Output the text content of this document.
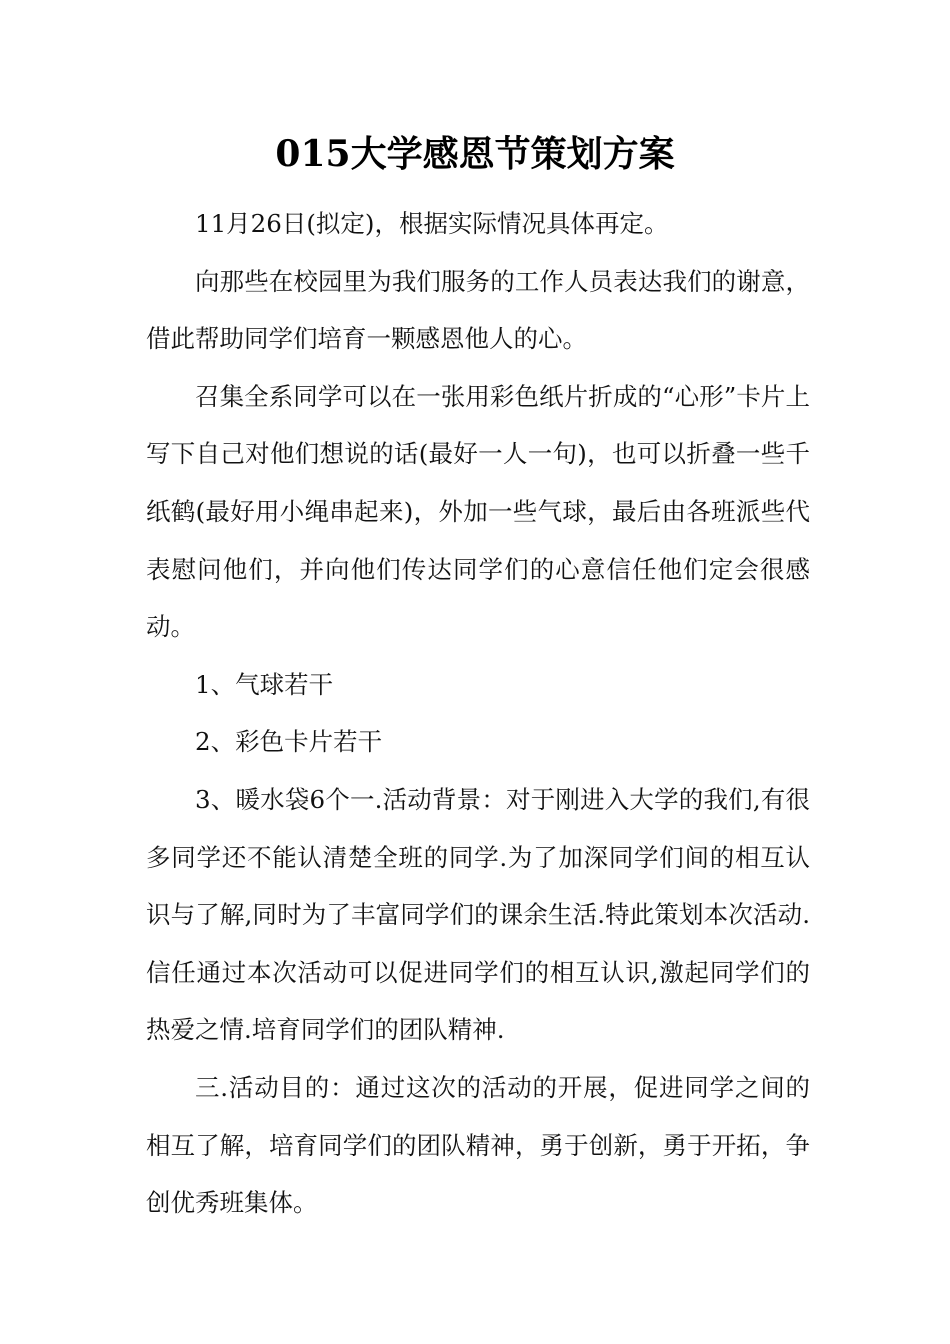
015大学感恩节策划方案

11月26日(拟定)，根据实际情况具体再定。

向那些在校园里为我们服务的工作人员表达我们的谢意，借此帮助同学们培育一颗感恩他人的心。

召集全系同学可以在一张用彩色纸片折成的“心形”卡片上写下自己对他们想说的话(最好一人一句)，也可以折叠一些千纸鹤(最好用小绳串起来)，外加一些气球，最后由各班派些代表慰问他们，并向他们传达同学们的心意信任他们定会很感动。

1、气球若干

2、彩色卡片若干

3、暖水袋6个一.活动背景：对于刚进入大学的我们,有很多同学还不能认清楚全班的同学.为了加深同学们间的相互认识与了解,同时为了丰富同学们的课余生活.特此策划本次活动.信任通过本次活动可以促进同学们的相互认识,激起同学们的热爱之情.培育同学们的团队精神.

三.活动目的：通过这次的活动的开展，促进同学之间的相互了解，培育同学们的团队精神，勇于创新，勇于开拓，争创优秀班集体。
